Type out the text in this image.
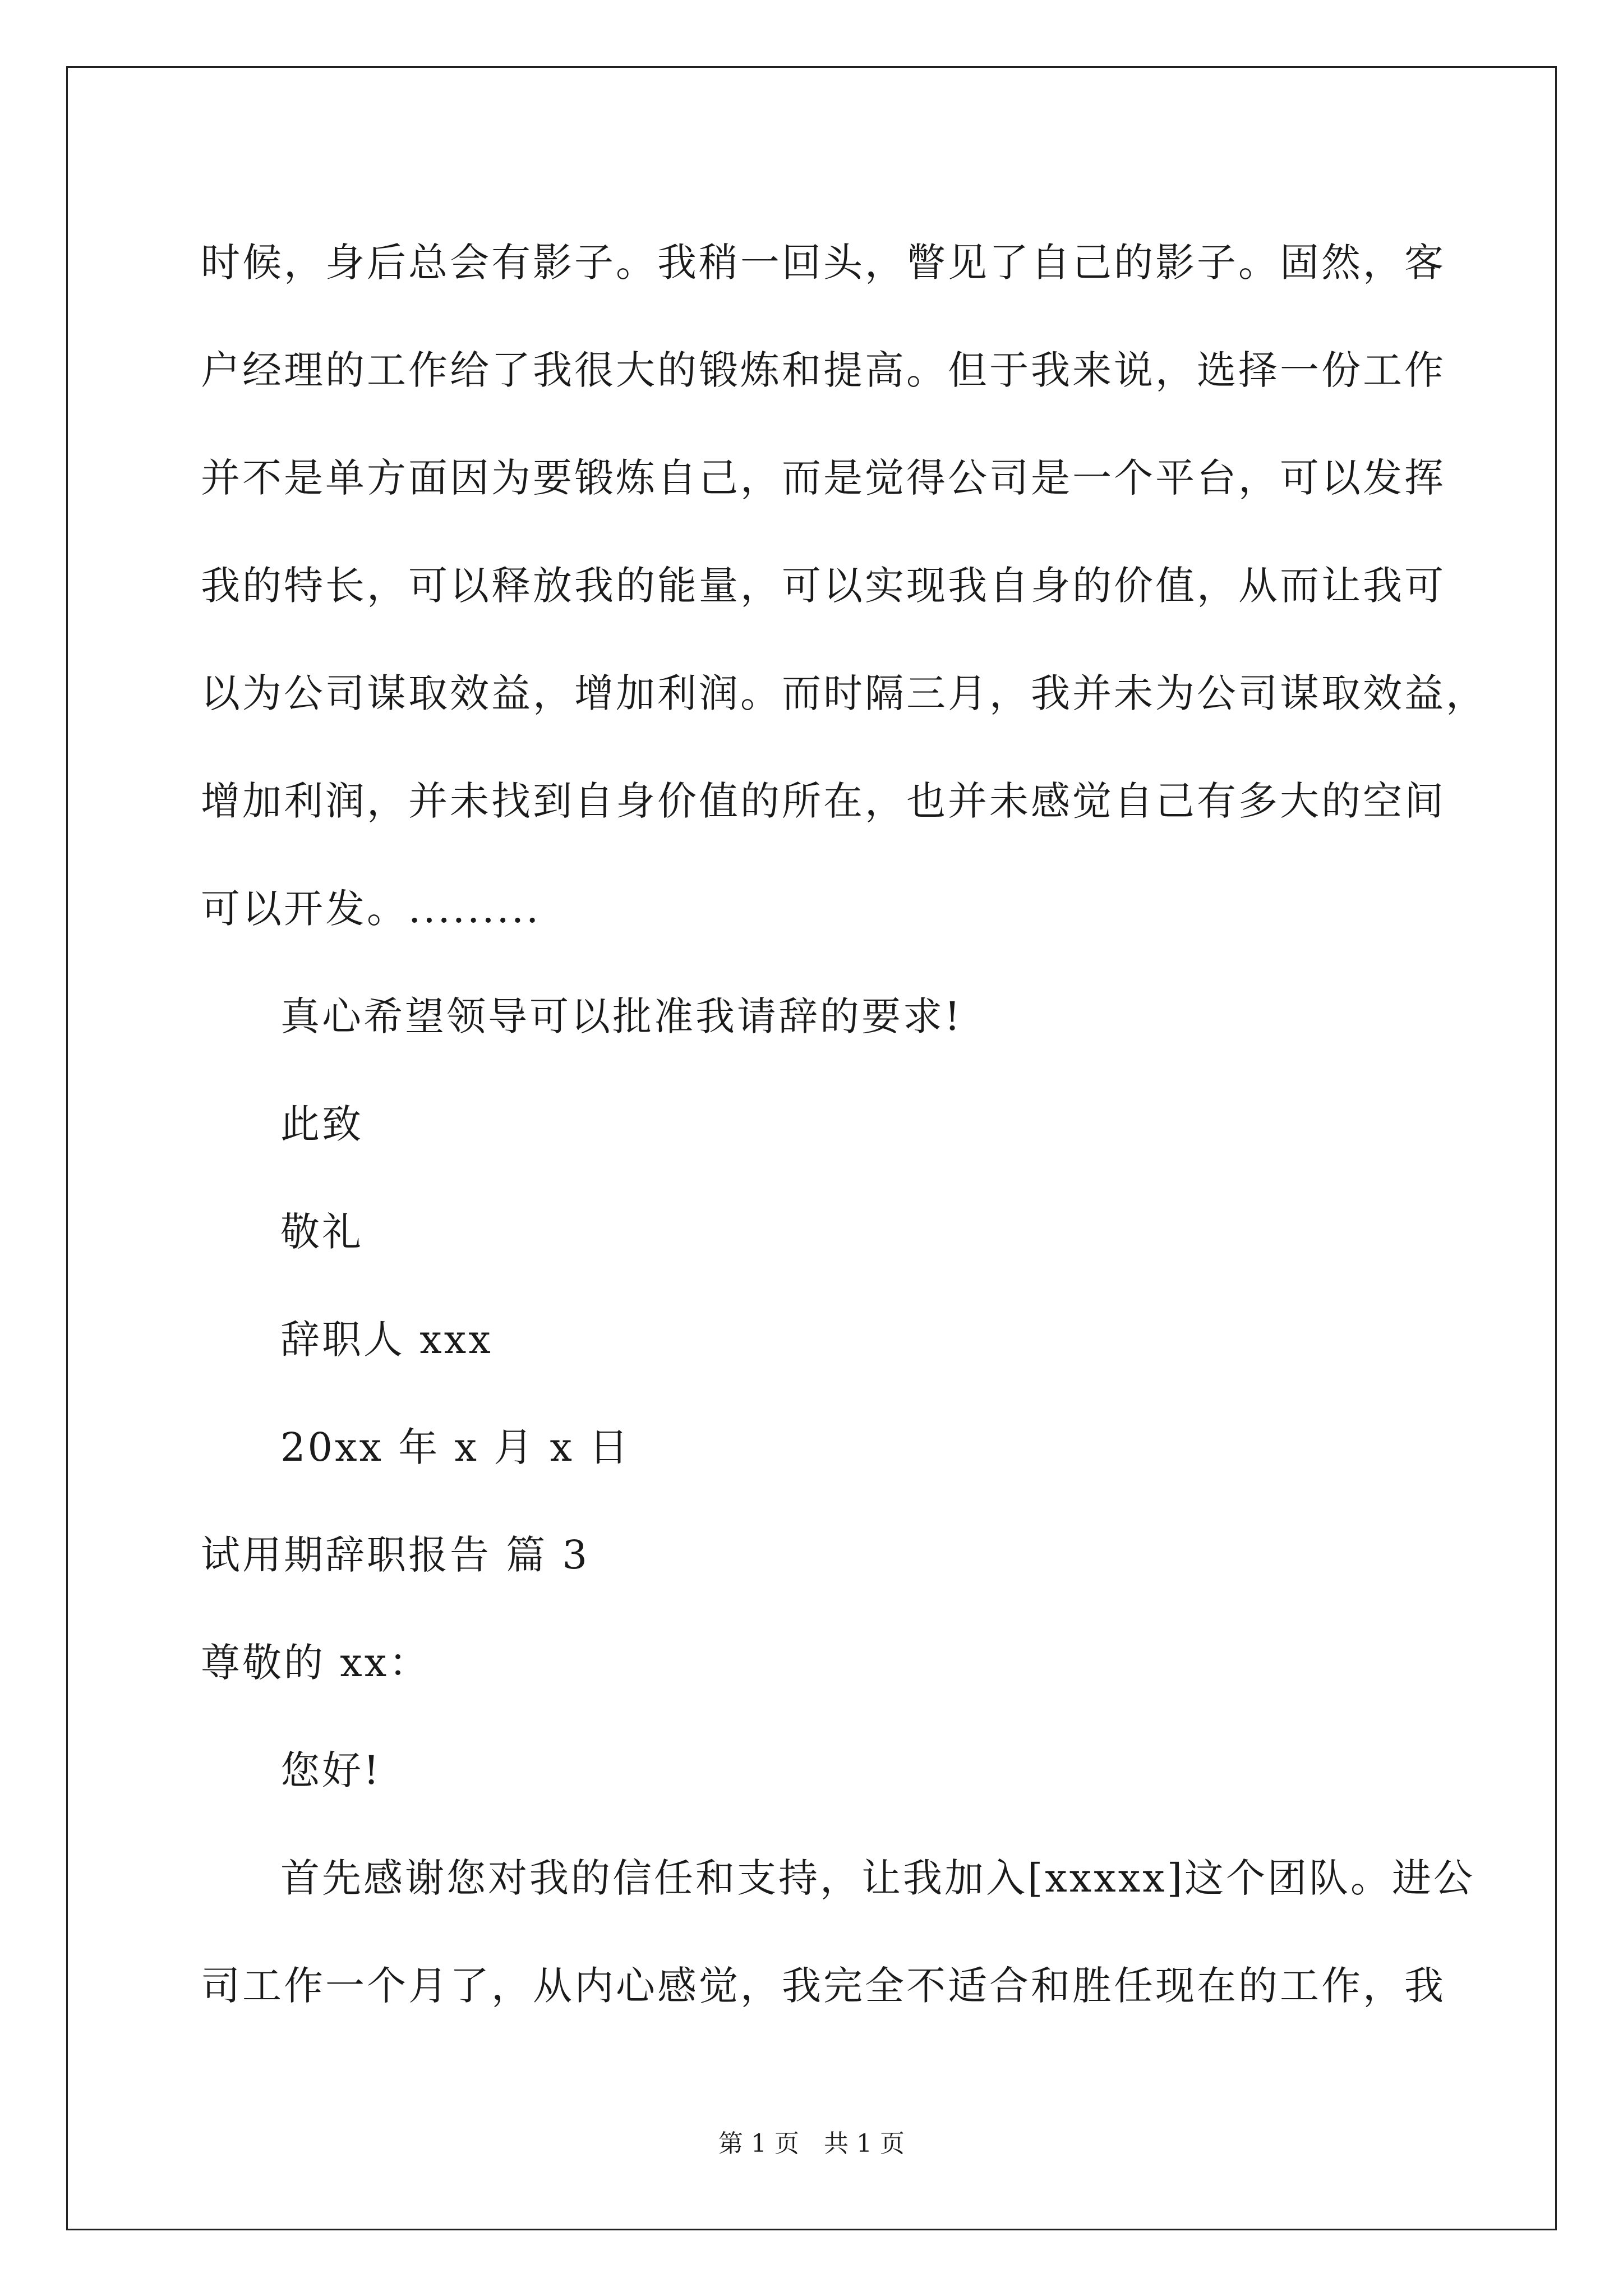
时候，身后总会有影子。我稍一回头，瞥见了自己的影子。固然，客
户经理的工作给了我很大的锻炼和提高。但于我来说，选择一份工作
并不是单方面因为要锻炼自己，而是觉得公司是一个平台，可以发挥
我的特长，可以释放我的能量，可以实现我自身的价值，从而让我可
以为公司谋取效益，增加利润。而时隔三月，我并未为公司谋取效益，
增加利润，并未找到自身价值的所在，也并未感觉自己有多大的空间
可以开发。.........
真心希望领导可以批准我请辞的要求!
此致
敬礼
辞职人 xxx
20xx 年 x 月 x 日
试用期辞职报告 篇 3
尊敬的 xx：
您好!
首先感谢您对我的信任和支持，让我加入[xxxxx]这个团队。进公
司工作一个月了，从内心感觉，我完全不适合和胜任现在的工作，我
第 1 页 共 1 页
